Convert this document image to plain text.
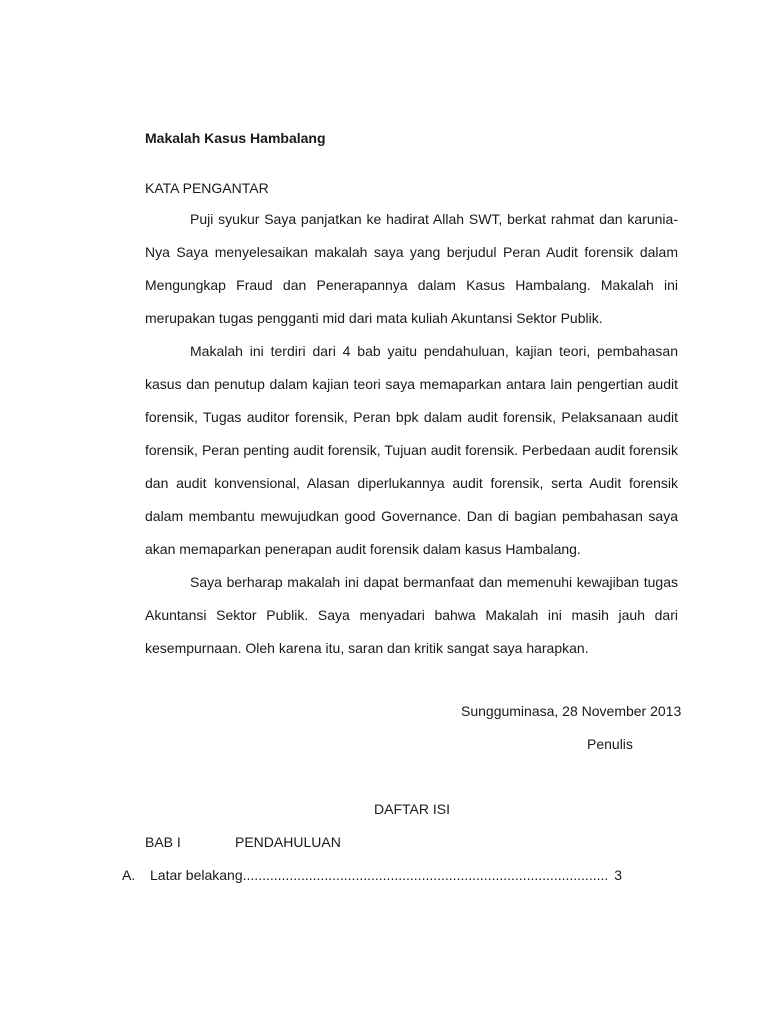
Makalah Kasus Hambalang
KATA PENGANTAR

Puji syukur Saya panjatkan ke hadirat Allah SWT, berkat rahmat dan karunia-Nya Saya menyelesaikan makalah saya yang berjudul Peran Audit forensik dalam Mengungkap Fraud dan Penerapannya dalam Kasus Hambalang. Makalah ini merupakan tugas pengganti mid dari mata kuliah Akuntansi Sektor Publik.

Makalah ini terdiri dari 4 bab yaitu pendahuluan, kajian teori, pembahasan kasus dan penutup dalam kajian teori saya memaparkan antara lain pengertian audit forensik, Tugas auditor forensik, Peran bpk dalam audit forensik, Pelaksanaan audit forensik, Peran penting audit forensik, Tujuan audit forensik. Perbedaan audit forensik dan audit konvensional, Alasan diperlukannya audit forensik, serta Audit forensik dalam membantu mewujudkan good Governance. Dan di bagian pembahasan saya akan memaparkan penerapan audit forensik dalam kasus Hambalang.

Saya berharap makalah ini dapat bermanfaat dan memenuhi kewajiban tugas Akuntansi Sektor Publik. Saya menyadari bahwa Makalah ini masih jauh dari kesempurnaan. Oleh karena itu, saran dan kritik sangat saya harapkan.

Sungguminasa, 28 November 2013
Penulis
DAFTAR ISI
BAB I	PENDAHULUAN
A.	Latar belakang .............................................................................................. 3
